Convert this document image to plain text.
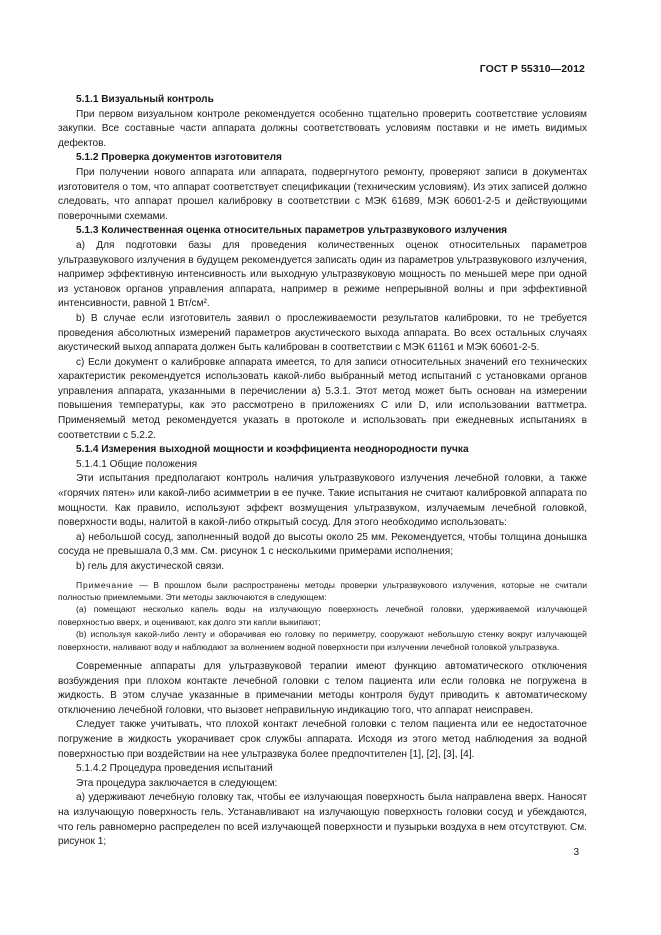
ГОСТ Р 55310—2012
5.1.1 Визуальный контроль

При первом визуальном контроле рекомендуется особенно тщательно проверить соответствие условиям закупки. Все составные части аппарата должны соответствовать условиям поставки и не иметь видимых дефектов.

5.1.2 Проверка документов изготовителя

При получении нового аппарата или аппарата, подвергнутого ремонту, проверяют записи в документах изготовителя о том, что аппарат соответствует спецификации (техническим условиям). Из этих записей должно следовать, что аппарат прошел калибровку в соответствии с МЭК 61689, МЭК 60601-2-5 и действующими поверочными схемами.

5.1.3 Количественная оценка относительных параметров ультразвукового излучения

а) Для подготовки базы для проведения количественных оценок относительных параметров ультразвукового излучения в будущем рекомендуется записать один из параметров ультразвукового излучения, например эффективную интенсивность или выходную ультразвуковую мощность по меньшей мере при одной из установок органов управления аппарата, например в режиме непрерывной волны и при эффективной интенсивности, равной 1 Вт/см².

b) В случае если изготовитель заявил о прослеживаемости результатов калибровки, то не требуется проведения абсолютных измерений параметров акустического выхода аппарата. Во всех остальных случаях акустический выход аппарата должен быть калиброван в соответствии с МЭК 61161 и МЭК 60601-2-5.

c) Если документ о калибровке аппарата имеется, то для записи относительных значений его технических характеристик рекомендуется использовать какой-либо выбранный метод испытаний с установками органов управления аппарата, указанными в перечислении а) 5.3.1. Этот метод может быть основан на измерении повышения температуры, как это рассмотрено в приложениях С или D, или использовании ваттметра. Применяемый метод рекомендуется указать в протоколе и использовать при ежедневных испытаниях в соответствии с 5.2.2.

5.1.4 Измерения выходной мощности и коэффициента неоднородности пучка

5.1.4.1 Общие положения

Эти испытания предполагают контроль наличия ультразвукового излучения лечебной головки, а также «горячих пятен» или какой-либо асимметрии в ее пучке. Такие испытания не считают калибровкой аппарата по мощности. Как правило, используют эффект возмущения ультразвуком, излучаемым лечебной головкой, поверхности воды, налитой в какой-либо открытый сосуд. Для этого необходимо использовать:

а) небольшой сосуд, заполненный водой до высоты около 25 мм. Рекомендуется, чтобы толщина донышка сосуда не превышала 0,3 мм. См. рисунок 1 с несколькими примерами исполнения;

b) гель для акустической связи.

Примечание — В прошлом были распространены методы проверки ультразвукового излучения, которые не считали полностью приемлемыми. Эти методы заключаются в следующем:
(а) помещают несколько капель воды на излучающую поверхность лечебной головки, удерживаемой излучающей поверхностью вверх, и оценивают, как долго эти капли выкипают;
(b) используя какой-либо ленту и оборачивая ею головку по периметру, сооружают небольшую стенку вокруг излучающей поверхности, наливают воду и наблюдают за волнением водной поверхности при излучении лечебной головкой ультразвука.

Современные аппараты для ультразвуковой терапии имеют функцию автоматического отключения возбуждения при плохом контакте лечебной головки с телом пациента или если головка не погружена в жидкость. В этом случае указанные в примечании методы контроля будут приводить к автоматическому отключению лечебной головки, что вызовет неправильную индикацию того, что аппарат неисправен.

Следует также учитывать, что плохой контакт лечебной головки с телом пациента или ее недостаточное погружение в жидкость укорачивает срок службы аппарата. Исходя из этого метод наблюдения за водной поверхностью при воздействии на нее ультразвука более предпочтителен [1], [2], [3], [4].

5.1.4.2 Процедура проведения испытаний

Эта процедура заключается в следующем:

а) удерживают лечебную головку так, чтобы ее излучающая поверхность была направлена вверх. Наносят на излучающую поверхность гель. Устанавливают на излучающую поверхность головки сосуд и убеждаются, что гель равномерно распределен по всей излучающей поверхности и пузырьки воздуха в нем отсутствуют. См. рисунок 1;

3
